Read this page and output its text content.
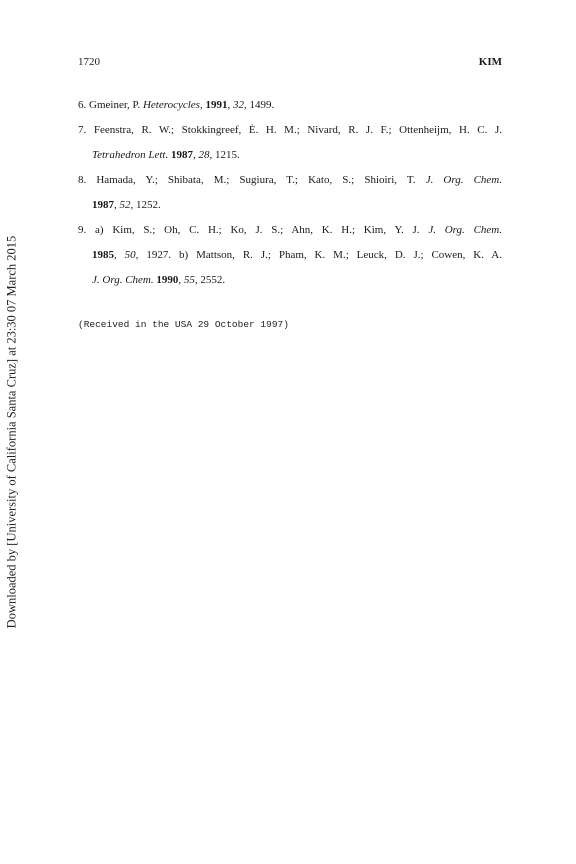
Downloaded by [University of California Santa Cruz] at 23:30 07 March 2015
1720	KIM

6. Gmeiner, P. Heterocycles, 1991, 32, 1499.

7. Feenstra, R. W.; Stokkingreef, Ė. H. M.; Nivard, R. J. F.; Ottenheijm, H. C. J.
Tetrahedron Lett. 1987, 28, 1215.

8. Hamada, Y.; Shibata, M.; Sugiura, T.; Kato, S.; Shioiri, T. J. Org. Chem.
1987, 52, 1252.

9. a) Kim, S.; Oh, C. H.; Ko, J. S.; Ahn, K. H.; Kim, Y. J. J. Org. Chem.
1985, 50, 1927. b) Mattson, R. J.; Pham, K. M.; Leuck, D. J.; Cowen, K. A.
J. Org. Chem. 1990, 55, 2552.

(Received in the USA 29 October 1997)
